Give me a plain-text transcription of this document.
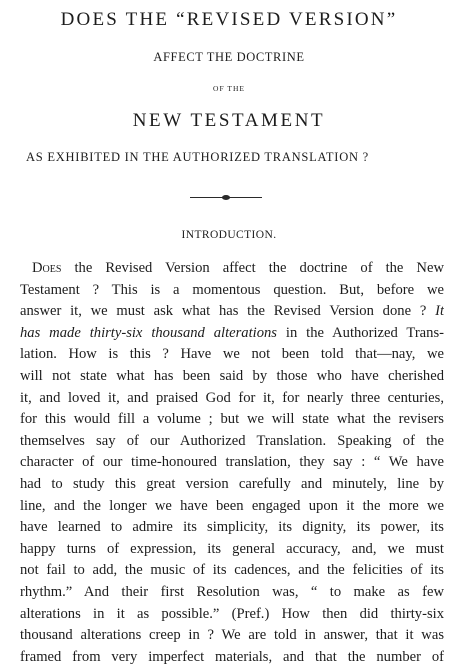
DOES THE “REVISED VERSION”
AFFECT THE DOCTRINE
OF THE
NEW TESTAMENT
AS EXHIBITED IN THE AUTHORIZED TRANSLATION ?
INTRODUCTION.
Does the Revised Version affect the doctrine of the New
Testament ? This is a momentous question. But, before we
answer it, we must ask what has the Revised Version done ? It
has made thirty-six thousand alterations in the Authorized Trans-
lation. How is this ? Have we not been told that—nay, we
will not state what has been said by those who have cherished
it, and loved it, and praised God for it, for nearly three centuries,
for this would fill a volume ; but we will state what the revisers
themselves say of our Authorized Translation. Speaking of the
character of our time-honoured translation, they say : “ We have
had to study this great version carefully and minutely, line by
line, and the longer we have been engaged upon it the more we
have learned to admire its simplicity, its dignity, its power, its
happy turns of expression, its general accuracy, and, we must
not fail to add, the music of its cadences, and the felicities of its
rhythm.” And their first Resolution was, “ to make as few
alterations in it as possible.” (Pref.) How then did thirty-six
thousand alterations creep in ? We are told in answer, that it was
framed from very imperfect materials, and that the number of
